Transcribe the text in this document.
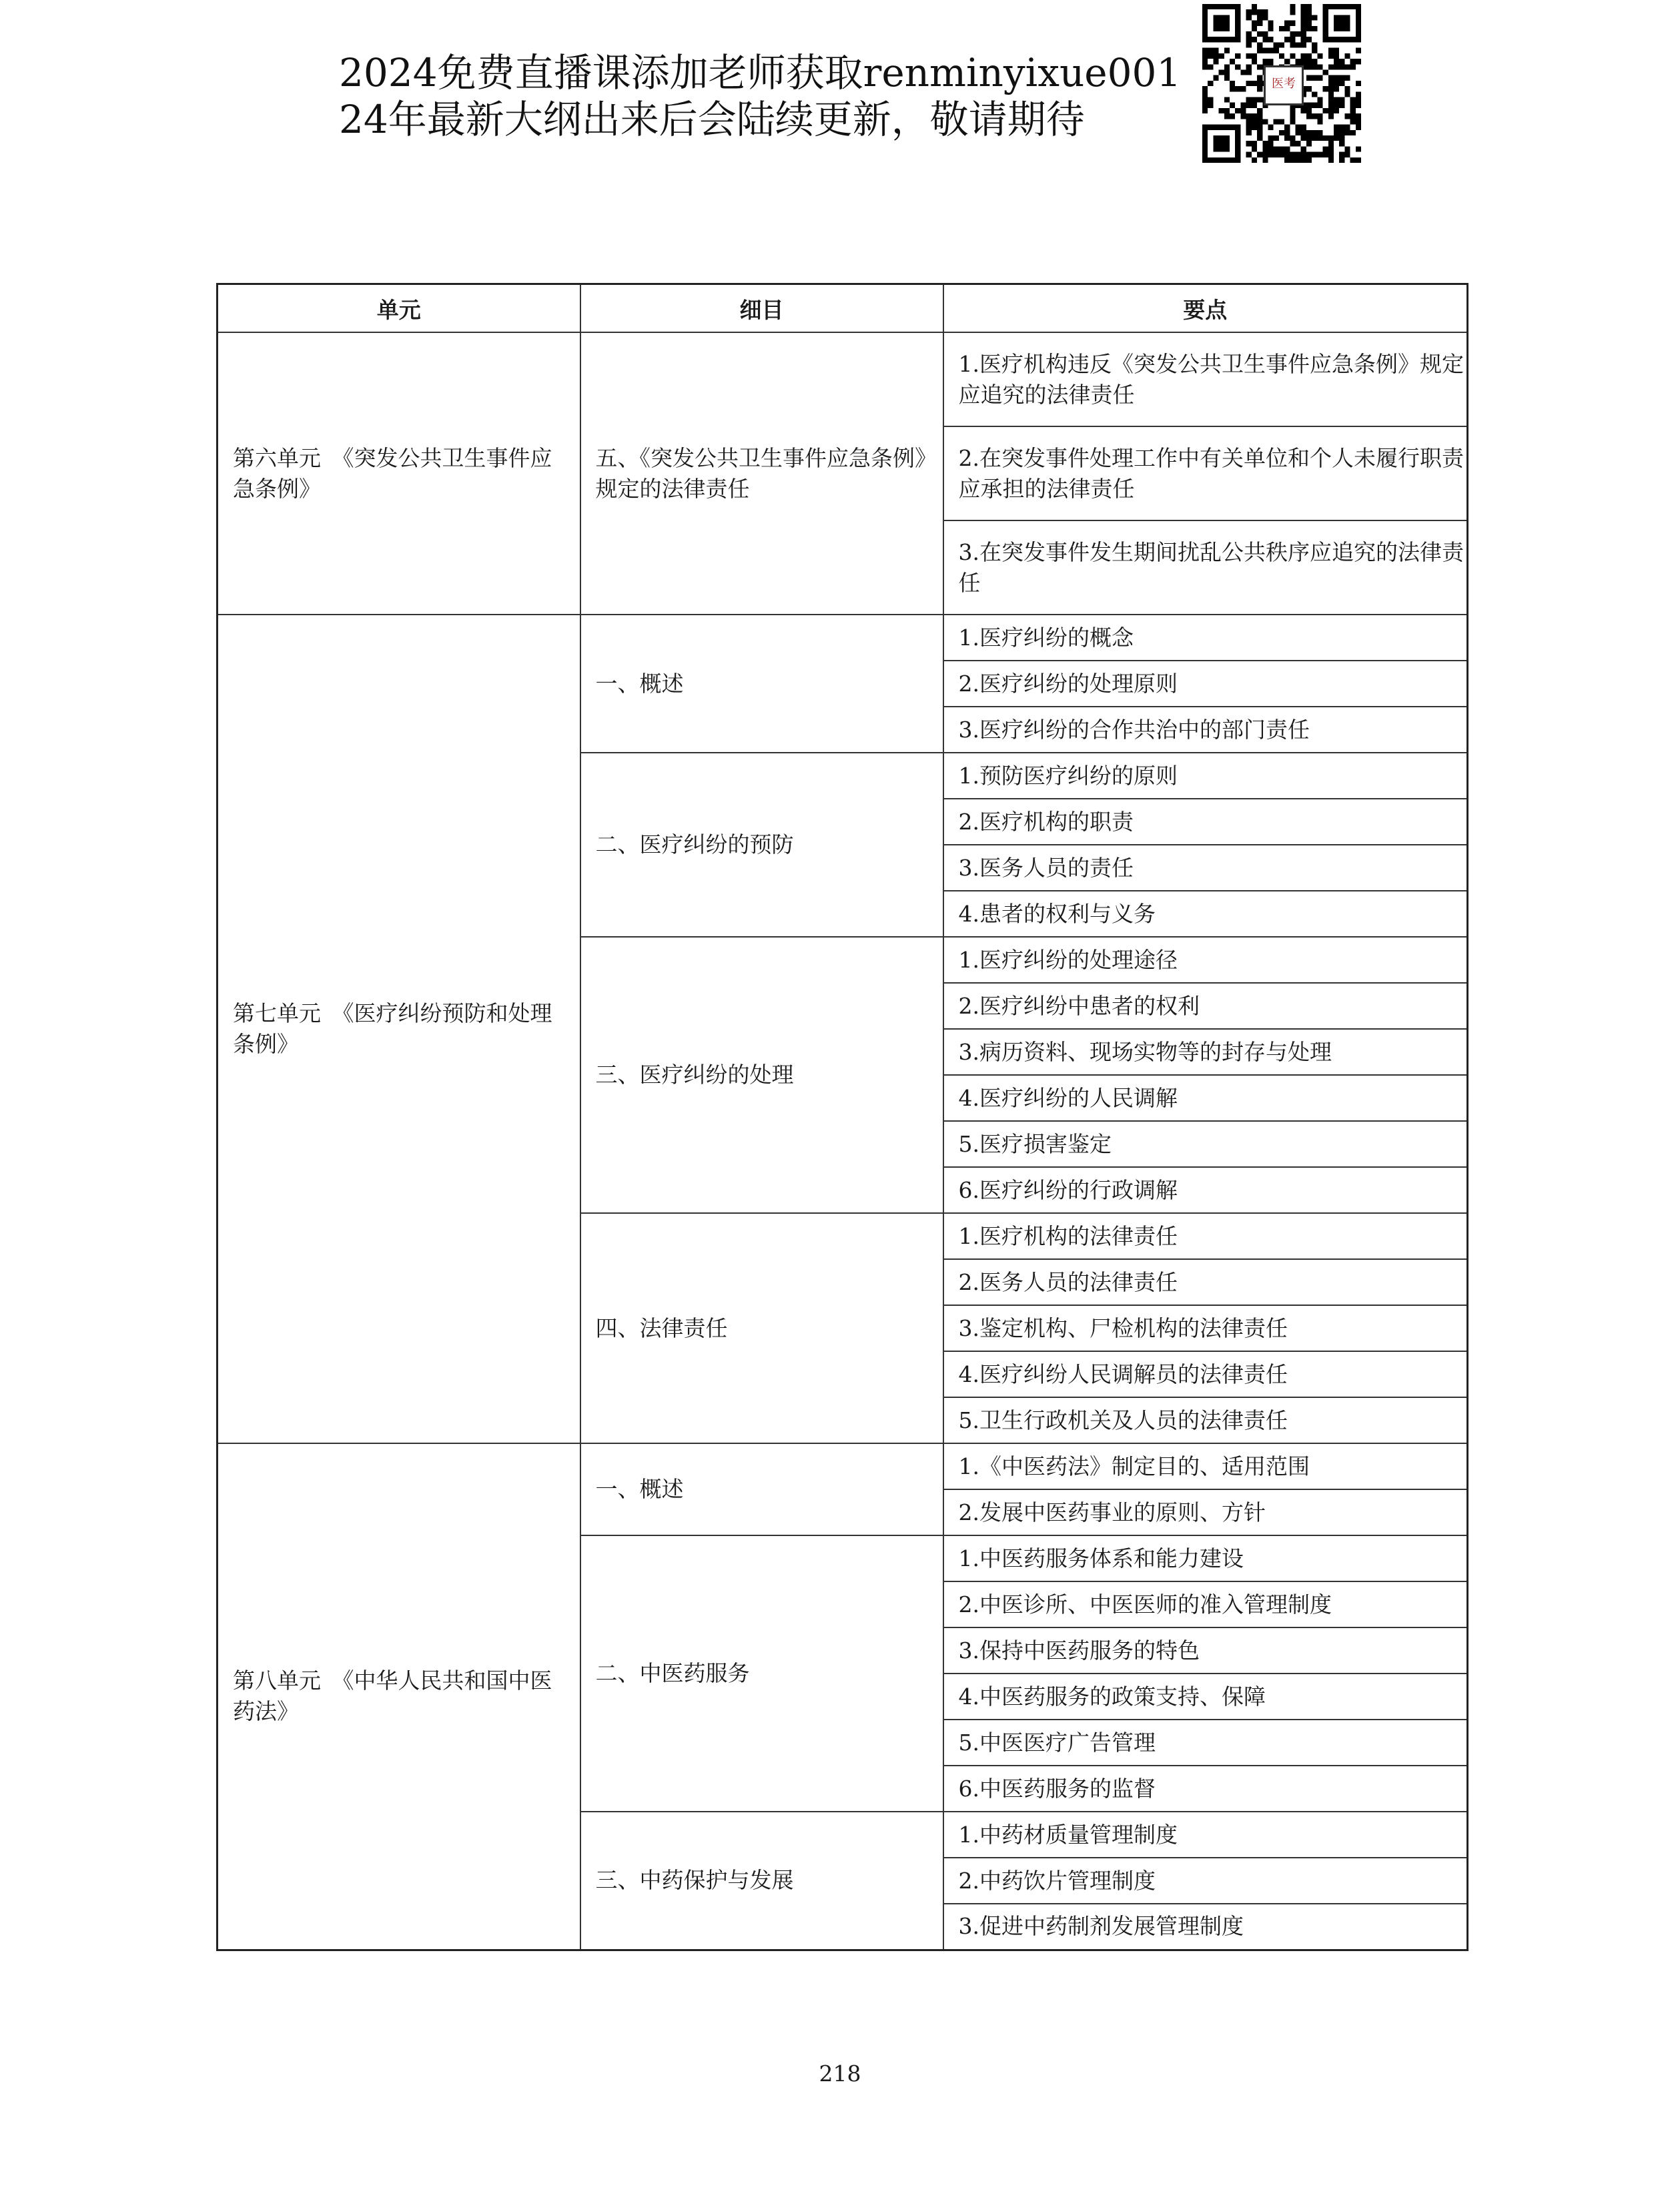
2024免费直播课添加老师获取renminyixue001
24年最新大纲出来后会陆续更新，敬请期待
医考
单元	细目	要点
第六单元　《突发公共卫生事件应急条例》	五、《突发公共卫生事件应急条例》规定的法律责任	1.医疗机构违反《突发公共卫生事件应急条例》规定应追究的法律责任
		2.在突发事件处理工作中有关单位和个人未履行职责应承担的法律责任
		3.在突发事件发生期间扰乱公共秩序应追究的法律责任
第七单元　《医疗纠纷预防和处理条例》	一、概述	1.医疗纠纷的概念
		2.医疗纠纷的处理原则
		3.医疗纠纷的合作共治中的部门责任
	二、医疗纠纷的预防	1.预防医疗纠纷的原则
		2.医疗机构的职责
		3.医务人员的责任
		4.患者的权利与义务
	三、医疗纠纷的处理	1.医疗纠纷的处理途径
		2.医疗纠纷中患者的权利
		3.病历资料、现场实物等的封存与处理
		4.医疗纠纷的人民调解
		5.医疗损害鉴定
		6.医疗纠纷的行政调解
	四、法律责任	1.医疗机构的法律责任
		2.医务人员的法律责任
		3.鉴定机构、尸检机构的法律责任
		4.医疗纠纷人民调解员的法律责任
		5.卫生行政机关及人员的法律责任
第八单元　《中华人民共和国中医药法》	一、概述	1.《中医药法》制定目的、适用范围
		2.发展中医药事业的原则、方针
	二、中医药服务	1.中医药服务体系和能力建设
		2.中医诊所、中医医师的准入管理制度
		3.保持中医药服务的特色
		4.中医药服务的政策支持、保障
		5.中医医疗广告管理
		6.中医药服务的监督
	三、中药保护与发展	1.中药材质量管理制度
		2.中药饮片管理制度
		3.促进中药制剂发展管理制度
218
